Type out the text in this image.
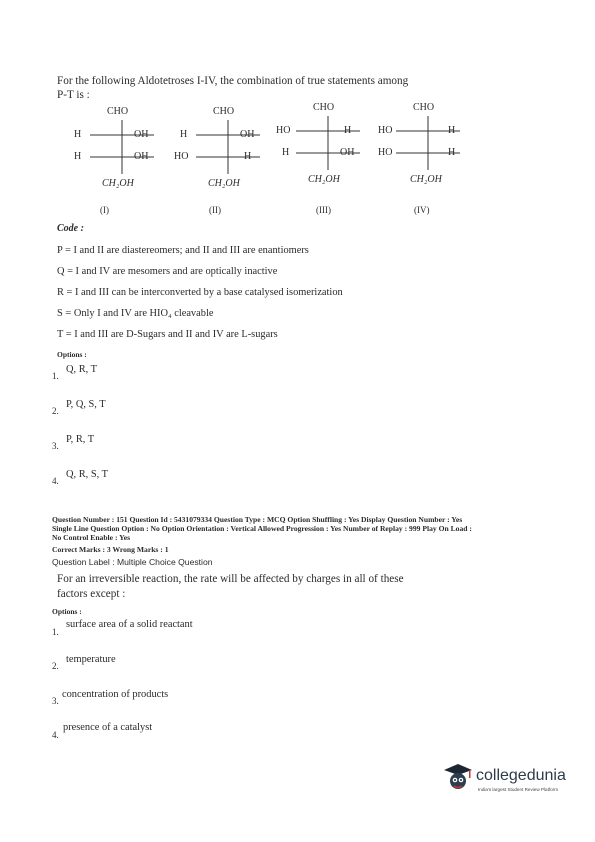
For the following Aldotetroses I-IV, the combination of true statements among
P-T is :
CHO
H	OH
H	OH
CH₂OH
CHO
H	OH
HO	H
CH₂OH
CHO
HO	H
H	OH
CH₂OH
CHO
HO	H
HO	H
CH₂OH
(I)	(II)	(III)	(IV)
Code :
P = I and II are diastereomers; and II and III are enantiomers
Q = I and IV are mesomers and are optically inactive
R = I and III can be interconverted by a base catalysed isomerization
S = Only I and IV are HIO₄ cleavable
T = I and III are D-Sugars and II and IV are L-sugars
Options :
1.
Q, R, T
2.
P, Q, S, T
3.
P, R, T
4.
Q, R, S, T
Question Number : 151 Question Id : 5431079334 Question Type : MCQ Option Shuffling : Yes Display Question Number : Yes
Single Line Question Option : No Option Orientation : Vertical Allowed Progression : Yes Number of Replay : 999 Play On Load :
No Control Enable : Yes
Correct Marks : 3 Wrong Marks : 1
Question Label : Multiple Choice Question
For an irreversible reaction, the rate will be affected by charges in all of these
factors except :
Options :
1.
surface area of a solid reactant
2.
temperature
3.
concentration of products
4.
presence of a catalyst
collegedunia
India's largest Student Review Platform
